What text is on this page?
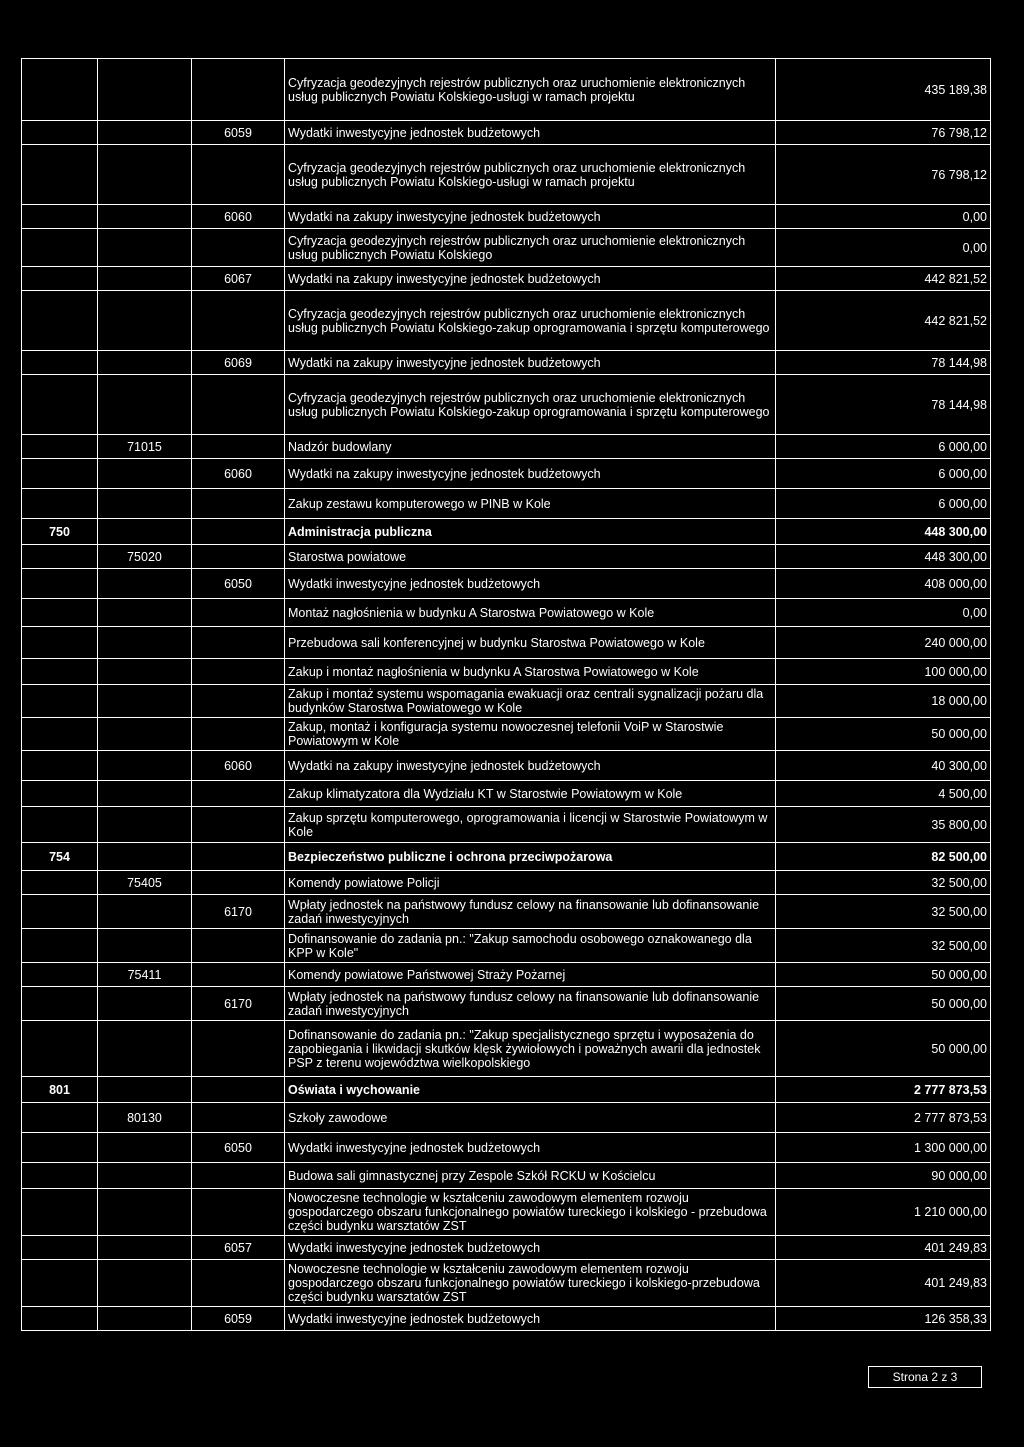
			Cyfryzacja geodezyjnych rejestrów publicznych oraz uruchomienie elektronicznych usług publicznych Powiatu Kolskiego-usługi w ramach projektu	435 189,38
		6059	Wydatki inwestycyjne jednostek budżetowych	76 798,12
			Cyfryzacja geodezyjnych rejestrów publicznych oraz uruchomienie elektronicznych usług publicznych Powiatu Kolskiego-usługi w ramach projektu	76 798,12
		6060	Wydatki na zakupy inwestycyjne jednostek budżetowych	0,00
			Cyfryzacja geodezyjnych rejestrów publicznych oraz uruchomienie elektronicznych usług publicznych Powiatu Kolskiego	0,00
		6067	Wydatki na zakupy inwestycyjne jednostek budżetowych	442 821,52
			Cyfryzacja geodezyjnych rejestrów publicznych oraz uruchomienie elektronicznych usług publicznych Powiatu Kolskiego-zakup oprogramowania i sprzętu komputerowego	442 821,52
		6069	Wydatki na zakupy inwestycyjne jednostek budżetowych	78 144,98
			Cyfryzacja geodezyjnych rejestrów publicznych oraz uruchomienie elektronicznych usług publicznych Powiatu Kolskiego-zakup oprogramowania i sprzętu komputerowego	78 144,98
	71015		Nadzór budowlany	6 000,00
		6060	Wydatki na zakupy inwestycyjne jednostek budżetowych	6 000,00
			Zakup zestawu komputerowego w PINB w Kole	6 000,00
750			Administracja publiczna	448 300,00
	75020		Starostwa powiatowe	448 300,00
		6050	Wydatki inwestycyjne jednostek budżetowych	408 000,00
			Montaż nagłośnienia w budynku A Starostwa Powiatowego w Kole	0,00
			Przebudowa sali konferencyjnej w budynku Starostwa Powiatowego w Kole	240 000,00
			Zakup i montaż nagłośnienia w budynku A Starostwa Powiatowego w Kole	100 000,00
			Zakup i montaż systemu wspomagania ewakuacji oraz centrali sygnalizacji pożaru dla budynków Starostwa Powiatowego w Kole	18 000,00
			Zakup, montaż i konfiguracja systemu nowoczesnej telefonii VoiP w Starostwie Powiatowym w Kole	50 000,00
		6060	Wydatki na zakupy inwestycyjne jednostek budżetowych	40 300,00
			Zakup klimatyzatora dla Wydziału KT w Starostwie Powiatowym w Kole	4 500,00
			Zakup sprzętu komputerowego, oprogramowania i licencji w Starostwie Powiatowym w Kole	35 800,00
754			Bezpieczeństwo publiczne i ochrona przeciwpożarowa	82 500,00
	75405		Komendy powiatowe Policji	32 500,00
		6170	Wpłaty jednostek na państwowy fundusz celowy na finansowanie lub dofinansowanie zadań inwestycyjnych	32 500,00
			Dofinansowanie do zadania pn.: "Zakup samochodu osobowego oznakowanego dla KPP w Kole"	32 500,00
	75411		Komendy powiatowe Państwowej Straży Pożarnej	50 000,00
		6170	Wpłaty jednostek na państwowy fundusz celowy na finansowanie lub dofinansowanie zadań inwestycyjnych	50 000,00
			Dofinansowanie do zadania pn.: "Zakup specjalistycznego sprzętu i wyposażenia do zapobiegania i likwidacji skutków klęsk żywiołowych i poważnych awarii dla jednostek PSP z terenu województwa wielkopolskiego	50 000,00
801			Oświata i wychowanie	2 777 873,53
	80130		Szkoły zawodowe	2 777 873,53
		6050	Wydatki inwestycyjne jednostek budżetowych	1 300 000,00
			Budowa sali gimnastycznej przy Zespole Szkół RCKU w Kościelcu	90 000,00
			Nowoczesne technologie w kształceniu zawodowym elementem rozwoju gospodarczego obszaru funkcjonalnego powiatów tureckiego i kolskiego - przebudowa części budynku warsztatów ZST	1 210 000,00
		6057	Wydatki inwestycyjne jednostek budżetowych	401 249,83
			Nowoczesne technologie w kształceniu zawodowym elementem rozwoju gospodarczego obszaru funkcjonalnego powiatów tureckiego i kolskiego-przebudowa części budynku warsztatów ZST	401 249,83
		6059	Wydatki inwestycyjne jednostek budżetowych	126 358,33
Strona 2 z 3
